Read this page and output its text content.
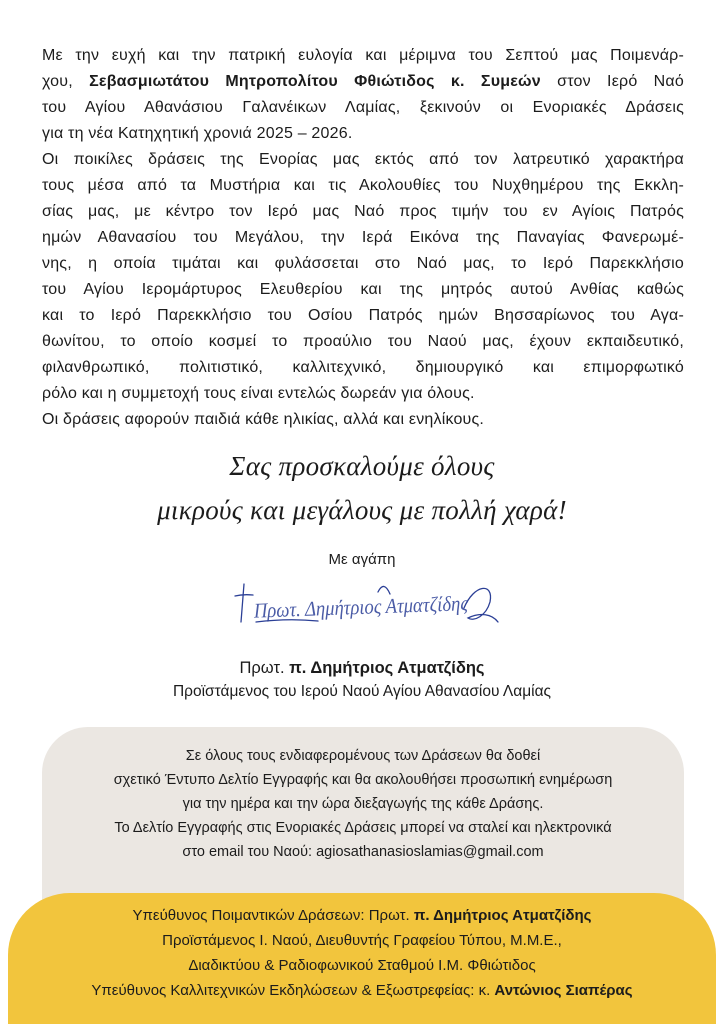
Με την ευχή και την πατρική ευλογία και μέριμνα του Σεπτού μας Ποιμενάρ-
χου, Σεβασμιωτάτου Μητροπολίτου Φθιώτιδος κ. Συμεών στον Ιερό Ναό
του Αγίου Αθανάσιου Γαλανέικων Λαμίας, ξεκινούν οι Ενοριακές Δράσεις
για τη νέα Κατηχητική χρονιά 2025 – 2026.
Οι ποικίλες δράσεις της Ενορίας μας εκτός από τον λατρευτικό χαρακτήρα
τους μέσα από τα Μυστήρια και τις Ακολουθίες του Νυχθημέρου της Εκκλη-
σίας μας, με κέντρο τον Ιερό μας Ναό προς τιμήν του εν Αγίοις Πατρός
ημών Αθανασίου του Μεγάλου, την Ιερά Εικόνα της Παναγίας Φανερωμέ-
νης, η οποία τιμάται και φυλάσσεται στο Ναό μας, το Ιερό Παρεκκλήσιο
του Αγίου Ιερομάρτυρος Ελευθερίου και της μητρός αυτού Ανθίας καθώς
και το Ιερό Παρεκκλήσιο του Οσίου Πατρός ημών Βησσαρίωνος του Αγα-
θωνίτου, το οποίο κοσμεί το προαύλιο του Ναού μας, έχουν εκπαιδευτικό,
φιλανθρωπικό, πολιτιστικό, καλλιτεχνικό, δημιουργικό και επιμορφωτικό
ρόλο και η συμμετοχή τους είναι εντελώς δωρεάν για όλους.
Οι δράσεις αφορούν παιδιά κάθε ηλικίας, αλλά και ενηλίκους.
Σας προσκαλούμε όλους
μικρούς και μεγάλους με πολλή χαρά!
Με αγάπη
Πρωτ. Δημήτριος Ατματζίδης
Πρωτ. π. Δημήτριος Ατματζίδης
Προϊστάμενος του Ιερού Ναού Αγίου Αθανασίου Λαμίας
Σε όλους τους ενδιαφερομένους των Δράσεων θα δοθεί
σχετικό Έντυπο Δελτίο Εγγραφής και θα ακολουθήσει προσωπική ενημέρωση
για την ημέρα και την ώρα διεξαγωγής της κάθε Δράσης.
Το Δελτίο Εγγραφής στις Ενοριακές Δράσεις μπορεί να σταλεί και ηλεκτρονικά
στο email του Ναού: agiosathanasioslamias@gmail.com
Υπεύθυνος Ποιμαντικών Δράσεων: Πρωτ. π. Δημήτριος Ατματζίδης
Προϊστάμενος Ι. Ναού, Διευθυντής Γραφείου Τύπου, Μ.Μ.Ε.,
Διαδικτύου & Ραδιοφωνικού Σταθμού Ι.Μ. Φθιώτιδος
Υπεύθυνος Καλλιτεχνικών Εκδηλώσεων & Εξωστρεφείας: κ. Αντώνιος Σιαπέρας
